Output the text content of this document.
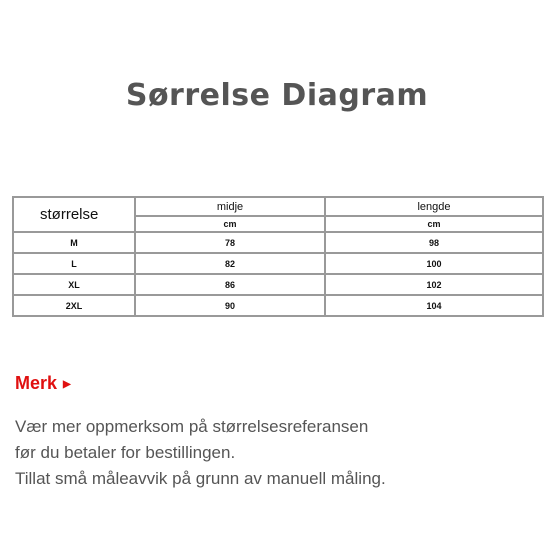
Sørrelse Diagram
størrelse	midje	lengde
	cm	cm
M	78	98
L	82	100
XL	86	102
2XL	90	104
Merk ▶
Vær mer oppmerksom på størrelsesreferansen
før du betaler for bestillingen.
Tillat små måleavvik på grunn av manuell måling.
